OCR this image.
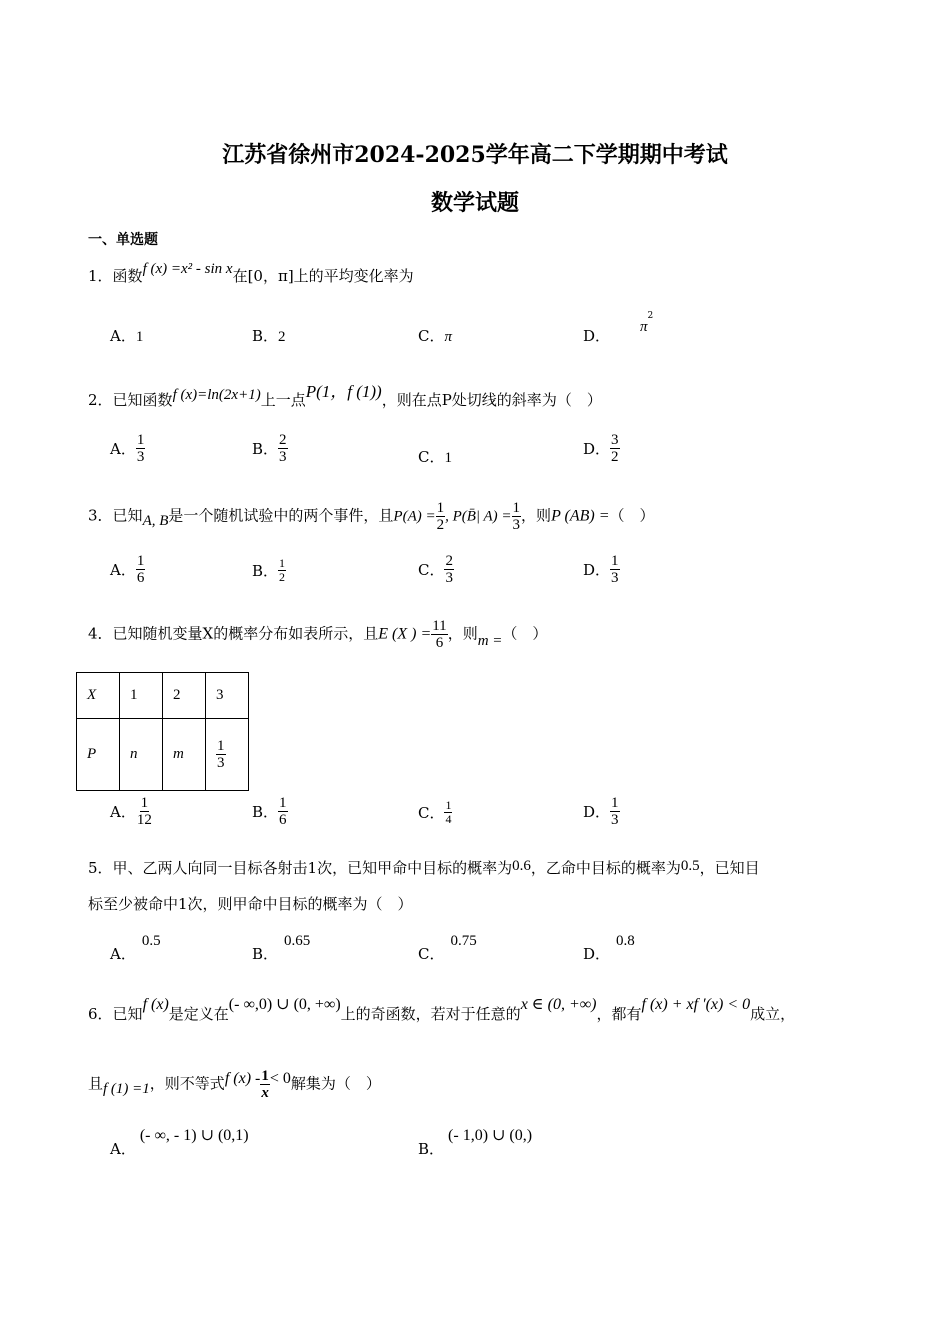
江苏省徐州市2024-2025学年高二下学期期中考试
数学试题
一、单选题
1．函数f (x) =x² - sin x在[0，π]上的平均变化率为
A．1	B．2	C．π	D． $\pi^2$
2．已知函数f (x)=ln(2x+1)上一点P(1，f (1))，则在点P处切线的斜率为（　）
A． $\frac{1}{3}$	B． $\frac{2}{3}$	C．1	D． $\frac{3}{2}$
3．已知A, B是一个随机试验中的两个事件，且$P(A) = \frac{1}{2}$ , P(B̄| $A) = \frac{1}{3}$ ，则P (AB) =（　）
A． $\frac{1}{6}$	B． $\frac{1}{2}$	C． $\frac{2}{3}$	D． $\frac{1}{3}$
4．已知随机变量X的概率分布如表所示，且E (X ) = $\frac{11}{6}$ ，则m =（　）
X	1	2	3
P	n	m	$\frac{1}{3}$
A． $\frac{1}{12}$	B． $\frac{1}{6}$	C． $\frac{1}{4}$	D． $\frac{1}{3}$
5．甲、乙两人向同一目标各射击1次，已知甲命中目标的概率为0.6，乙命中目标的概率为0.5，已知目
标至少被命中1次，则甲命中目标的概率为（　）
A．0.5
B．0.65
C．0.75
D．0.8
6．已知f (x)是定义在(- ∞,0) ∪ (0, +∞)上的奇函数，若对于任意的x ∈ (0, +∞)，都有f (x) + xf ′(x) < 0成立，
且f (1) =1，则不等式f $(x) - \frac{1}{x} < 0$解集为（　）
A．(- ∞, - 1) ∪ (0,1)
B．(- 1,0) ∪ (0,)
